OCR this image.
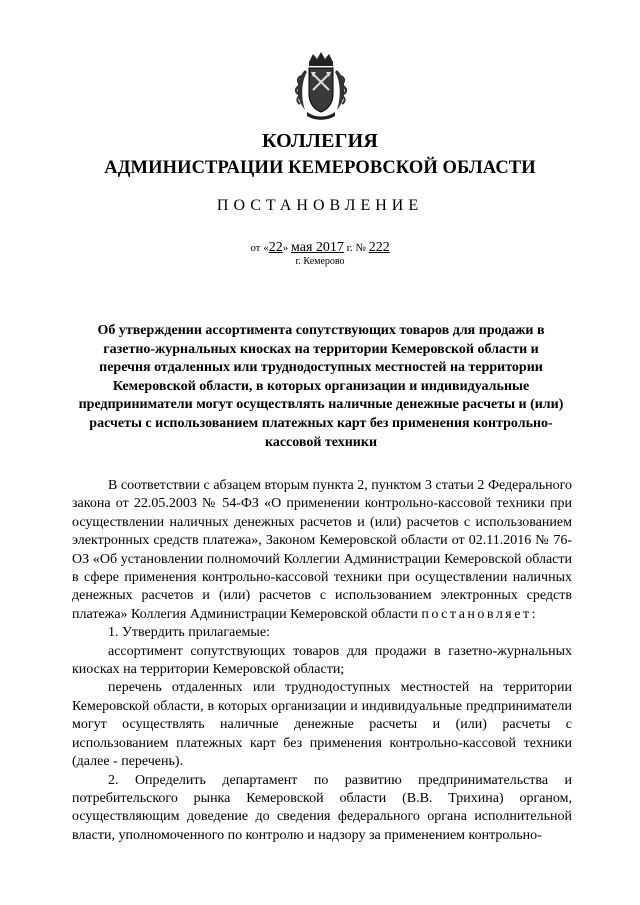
КОЛЛЕГИЯ
АДМИНИСТРАЦИИ КЕМЕРОВСКОЙ ОБЛАСТИ
ПОСТАНОВЛЕНИЕ
от «22» мая 2017 г. № 222
г. Кемерово
Об утверждении ассортимента сопутствующих товаров для продажи в газетно-журнальных киосках на территории Кемеровской области и перечня отдаленных или труднодоступных местностей на территории Кемеровской области, в которых организации и индивидуальные предприниматели могут осуществлять наличные денежные расчеты и (или) расчеты с использованием платежных карт без применения контрольно-кассовой техники

В соответствии с абзацем вторым пункта 2, пунктом 3 статьи 2 Федерального закона от 22.05.2003 № 54-ФЗ «О применении контрольно-кассовой техники при осуществлении наличных денежных расчетов и (или) расчетов с использованием электронных средств платежа», Законом Кемеровской области от 02.11.2016 № 76-ОЗ «Об установлении полномочий Коллегии Администрации Кемеровской области в сфере применения контрольно-кассовой техники при осуществлении наличных денежных расчетов и (или) расчетов с использованием электронных средств платежа» Коллегия Администрации Кемеровской области постановляет:

1. Утвердить прилагаемые:

ассортимент сопутствующих товаров для продажи в газетно-журнальных киосках на территории Кемеровской области;

перечень отдаленных или труднодоступных местностей на территории Кемеровской области, в которых организации и индивидуальные предприниматели могут осуществлять наличные денежные расчеты и (или) расчеты с использованием платежных карт без применения контрольно-кассовой техники (далее - перечень).

2. Определить департамент по развитию предпринимательства и потребительского рынка Кемеровской области (В.В. Трихина) органом, осуществляющим доведение до сведения федерального органа исполнительной власти, уполномоченного по контролю и надзору за применением контрольно-
